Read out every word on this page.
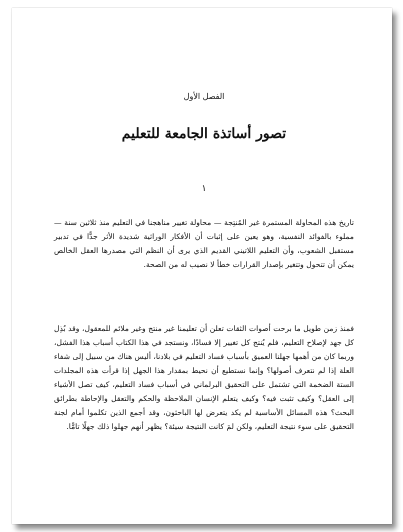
الفصل الأول
تصور أساتذة الجامعة للتعليم
١

تاريخ هذه المحاولة المستمرة غير المُنتِجة — محاولة تغيير مناهجنا في التعليم منذ ثلاثين سنة — مملوء بالفوائد النفسية، وهو يعين على إثبات أن الأفكار الوراثية شديدة الأثر جدًّا في تدبير مستقبل الشعوب، وأن التعليم اللاتيني القديم الذي يرى أن النظم التي مصدرها العقل الخالص يمكن أن تتحول وتتغير بإصدار القرارات خطأ لا نصيب له من الصحة.

فمنذ زمن طويل ما برحت أصوات الثقات تعلن أن تعليمنا غير منتج وغير ملائم للمعقول، وقد بُذِل كل جهد لإصلاح التعليم، فلم يُنتج كل تغيير إلا فسادًا، ونستجد في هذا الكتاب أسباب هذا الفشل، وربما كان من أهمها جهلنا العميق بأسباب فساد التعليم في بلادنا، أليس هناك من سبيل إلى شفاء العلة إذا لم نتعرف أصولها؟ وإنما نستطيع أن نحيط بمقدار هذا الجهل إذا قرأت هذه المجلدات الستة الضخمة التي تشتمل على التحقيق البرلماني في أسباب فساد التعليم، كيف تصل الأشياء إلى العقل؟ وكيف تثبت فيه؟ وكيف يتعلم الإنسان الملاحظة والحكم والتعقل والإحاطة بطرائق البحث؟ هذه المسائل الأساسية لم يكد يتعرض لها الباحثون، وقد أجمع الذين تكلموا أمام لجنة التحقيق على سوء نتيجة التعليم، ولكن لمَ كانت النتيجة سيئة؟ يظهر أنهم جهلوا ذلك جهلًا تامًّا.
